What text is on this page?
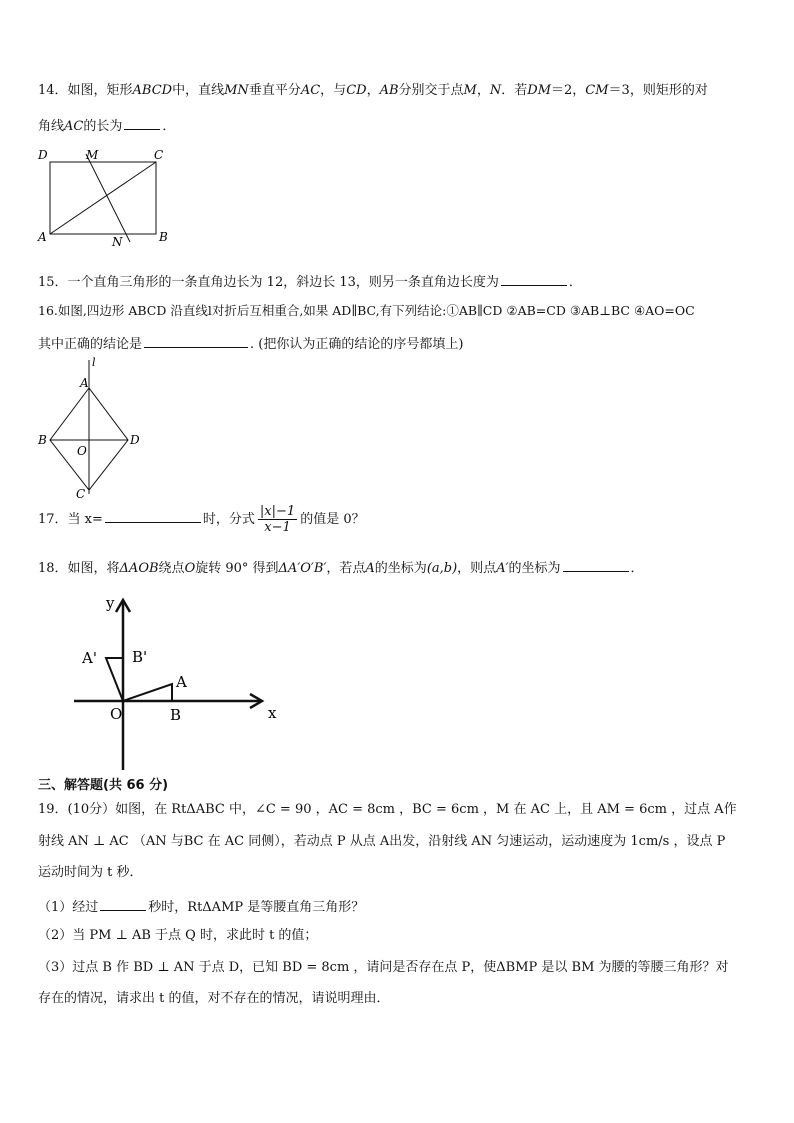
14．如图，矩形ABCD中，直线MN垂直平分AC，与CD，AB分别交于点M，N．若DM＝2，CM＝3，则矩形的对
角线AC的长为	．
D	M	C
A	N	B
15．一个直角三角形的一条直角边长为 12，斜边长 13，则另一条直角边长度为	．
16.如图,四边形 ABCD 沿直线l对折后互相重合,如果 AD∥BC,有下列结论:①AB∥CD ②AB=CD ③AB⊥BC ④AO=OC
其中正确的结论是	. (把你认为正确的结论的序号都填上)
l
A
B
O
D
C
17．当 x=	时，分式 $\frac{|x|-1}{x-1}$ 的值是 0？
18．如图，将ΔAOB绕点O旋转 90° 得到ΔA′O′B′，若点A的坐标为(a,b)，则点A′的坐标为	．
y
x
A' B'
A
O	B
三、解答题(共 66 分)
19．(10分）如图，在 RtΔABC 中，∠C = 90 ，AC = 8cm ，BC = 6cm ，M 在 AC 上，且 AM = 6cm ，过点 A作
射线 AN ⊥ AC （AN 与BC 在 AC 同侧），若动点 P 从点 A出发，沿射线 AN 匀速运动，运动速度为 1cm/s ，设点 P
运动时间为 t 秒．
（1）经过	秒时，RtΔAMP 是等腰直角三角形？
（2）当 PM ⊥ AB 于点 Q 时，求此时 t 的值；
（3）过点 B 作 BD ⊥ AN 于点 D，已知 BD = 8cm ，请问是否存在点 P，使ΔBMP 是以 BM 为腰的等腰三角形？对
存在的情况，请求出 t 的值，对不存在的情况，请说明理由．
